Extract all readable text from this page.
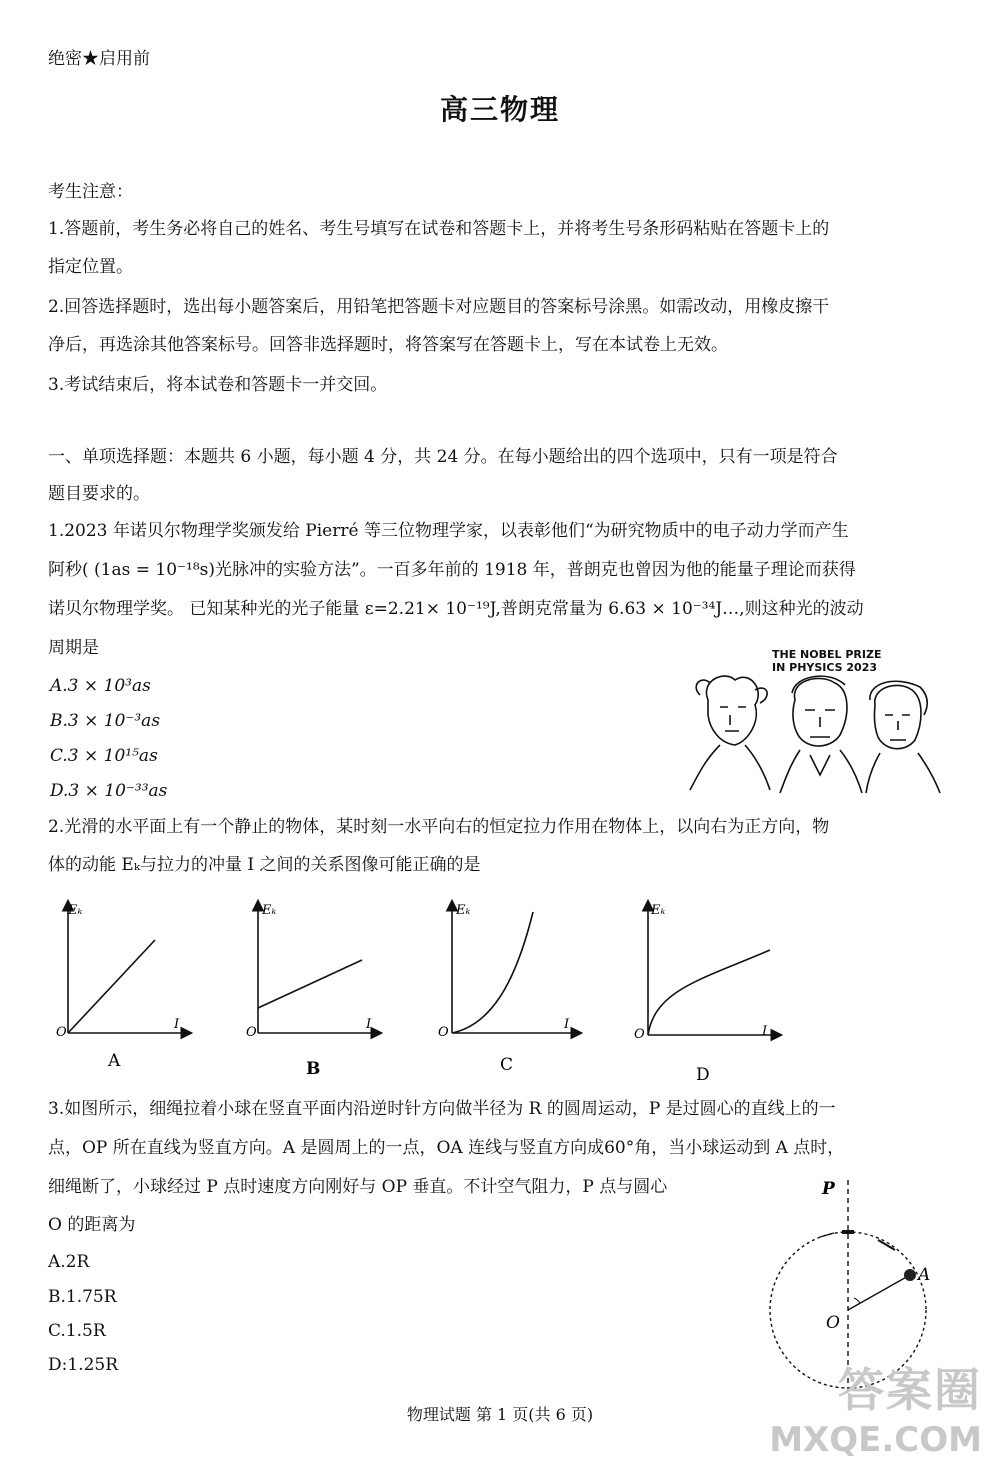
绝密★启用前
高三物理
考生注意：
1.答题前，考生务必将自己的姓名、考生号填写在试卷和答题卡上，并将考生号条形码粘贴在答题卡上的
指定位置。
2.回答选择题时，选出每小题答案后，用铅笔把答题卡对应题目的答案标号涂黑。如需改动，用橡皮擦干
净后，再选涂其他答案标号。回答非选择题时，将答案写在答题卡上，写在本试卷上无效。
3.考试结束后，将本试卷和答题卡一并交回。
一、单项选择题：本题共 6 小题，每小题 4 分，共 24 分。在每小题给出的四个选项中，只有一项是符合
题目要求的。
1.2023 年诺贝尔物理学奖颁发给 Pierré 等三位物理学家，以表彰他们“为研究物质中的电子动力学而产生
阿秒( (1as = 10⁻¹⁸s)光脉冲的实验方法”。一百多年前的 1918 年，普朗克也曾因为他的能量子理论而获得
诺贝尔物理学奖。 已知某种光的光子能量 ε=2.21× 10⁻¹⁹J,普朗克常量为 6.63 × 10⁻³⁴J…,则这种光的波动
周期是
A.3 × 10³as
B.3 × 10⁻³as
C.3 × 10¹⁵as
D.3 × 10⁻³³as
THE NOBEL PRIZE
IN PHYSICS 2023
2.光滑的水平面上有一个静止的物体，某时刻一水平向右的恒定拉力作用在物体上，以向右为正方向，物
体的动能 Eₖ与拉力的冲量 I 之间的关系图像可能正确的是
Eₖ
O
I
A
Eₖ
O
I
B
Eₖ
O
I
C
Eₖ
O	I
D
3.如图所示，细绳拉着小球在竖直平面内沿逆时针方向做半径为 R 的圆周运动，P 是过圆心的直线上的一
点，OP 所在直线为竖直方向。A 是圆周上的一点，OA 连线与竖直方向成60°角，当小球运动到 A 点时，
细绳断了，小球经过 P 点时速度方向刚好与 OP 垂直。不计空气阻力，P 点与圆心
O 的距离为
A.2R
B.1.75R
C.1.5R
D:1.25R
P
A
O
物理试题 第 1 页(共 6 页)	答案圈
MXQE.COM
